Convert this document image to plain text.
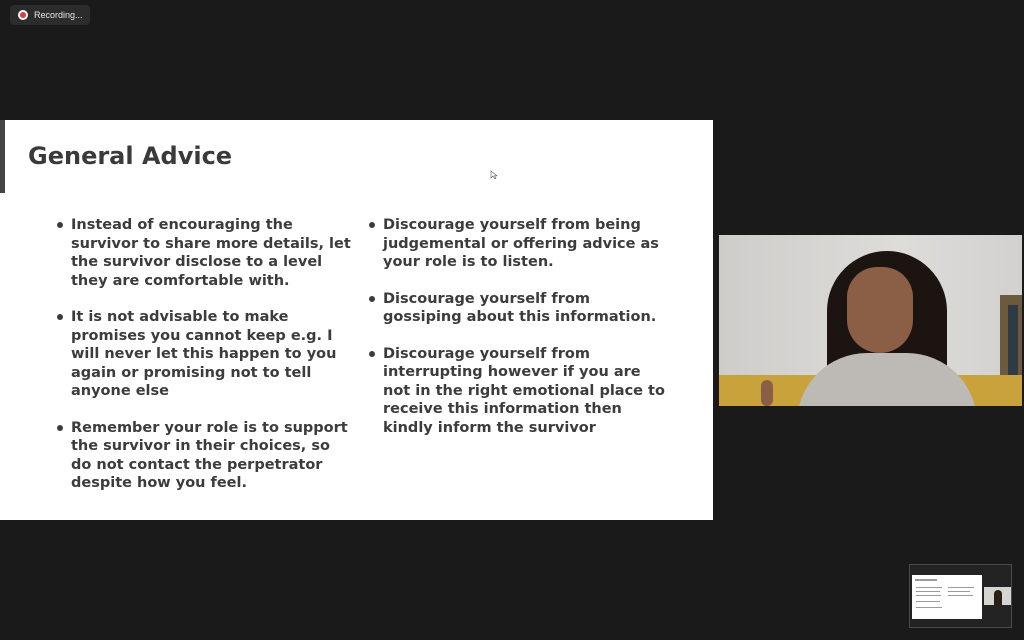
Recording...
General Advice
Instead of encouraging the survivor to share more details, let the survivor disclose to a level they are comfortable with.
It is not advisable to make promises you cannot keep e.g. I will never let this happen to you again or promising not to tell anyone else
Remember your role is to support the survivor in their choices, so do not contact the perpetrator despite how you feel.
Discourage yourself from being judgemental or offering advice as your role is to listen.
Discourage yourself from gossiping about this information.
Discourage yourself from interrupting however if you are not in the right emotional place to receive this information then kindly inform the survivor
